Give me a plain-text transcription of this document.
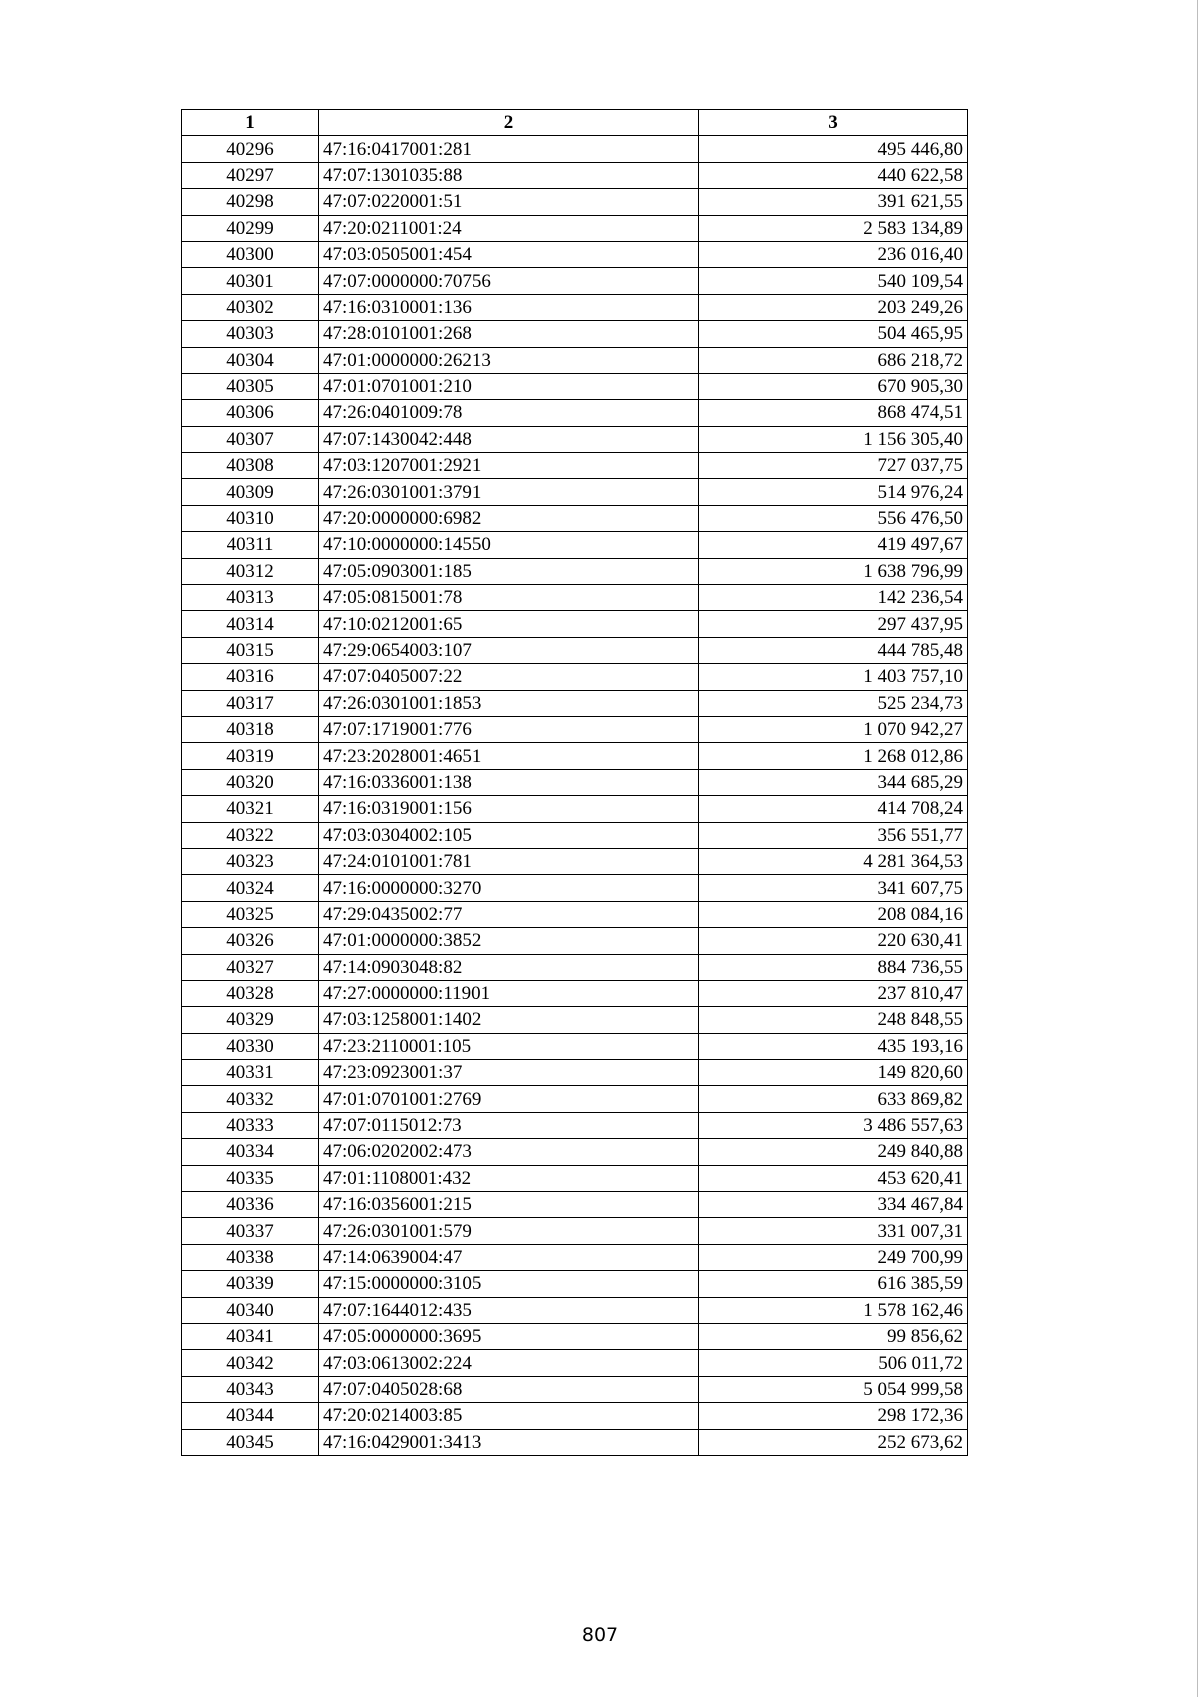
1	2	3
40296	47:16:0417001:281	495 446,80
40297	47:07:1301035:88	440 622,58
40298	47:07:0220001:51	391 621,55
40299	47:20:0211001:24	2 583 134,89
40300	47:03:0505001:454	236 016,40
40301	47:07:0000000:70756	540 109,54
40302	47:16:0310001:136	203 249,26
40303	47:28:0101001:268	504 465,95
40304	47:01:0000000:26213	686 218,72
40305	47:01:0701001:210	670 905,30
40306	47:26:0401009:78	868 474,51
40307	47:07:1430042:448	1 156 305,40
40308	47:03:1207001:2921	727 037,75
40309	47:26:0301001:3791	514 976,24
40310	47:20:0000000:6982	556 476,50
40311	47:10:0000000:14550	419 497,67
40312	47:05:0903001:185	1 638 796,99
40313	47:05:0815001:78	142 236,54
40314	47:10:0212001:65	297 437,95
40315	47:29:0654003:107	444 785,48
40316	47:07:0405007:22	1 403 757,10
40317	47:26:0301001:1853	525 234,73
40318	47:07:1719001:776	1 070 942,27
40319	47:23:2028001:4651	1 268 012,86
40320	47:16:0336001:138	344 685,29
40321	47:16:0319001:156	414 708,24
40322	47:03:0304002:105	356 551,77
40323	47:24:0101001:781	4 281 364,53
40324	47:16:0000000:3270	341 607,75
40325	47:29:0435002:77	208 084,16
40326	47:01:0000000:3852	220 630,41
40327	47:14:0903048:82	884 736,55
40328	47:27:0000000:11901	237 810,47
40329	47:03:1258001:1402	248 848,55
40330	47:23:2110001:105	435 193,16
40331	47:23:0923001:37	149 820,60
40332	47:01:0701001:2769	633 869,82
40333	47:07:0115012:73	3 486 557,63
40334	47:06:0202002:473	249 840,88
40335	47:01:1108001:432	453 620,41
40336	47:16:0356001:215	334 467,84
40337	47:26:0301001:579	331 007,31
40338	47:14:0639004:47	249 700,99
40339	47:15:0000000:3105	616 385,59
40340	47:07:1644012:435	1 578 162,46
40341	47:05:0000000:3695	99 856,62
40342	47:03:0613002:224	506 011,72
40343	47:07:0405028:68	5 054 999,58
40344	47:20:0214003:85	298 172,36
40345	47:16:0429001:3413	252 673,62
807
